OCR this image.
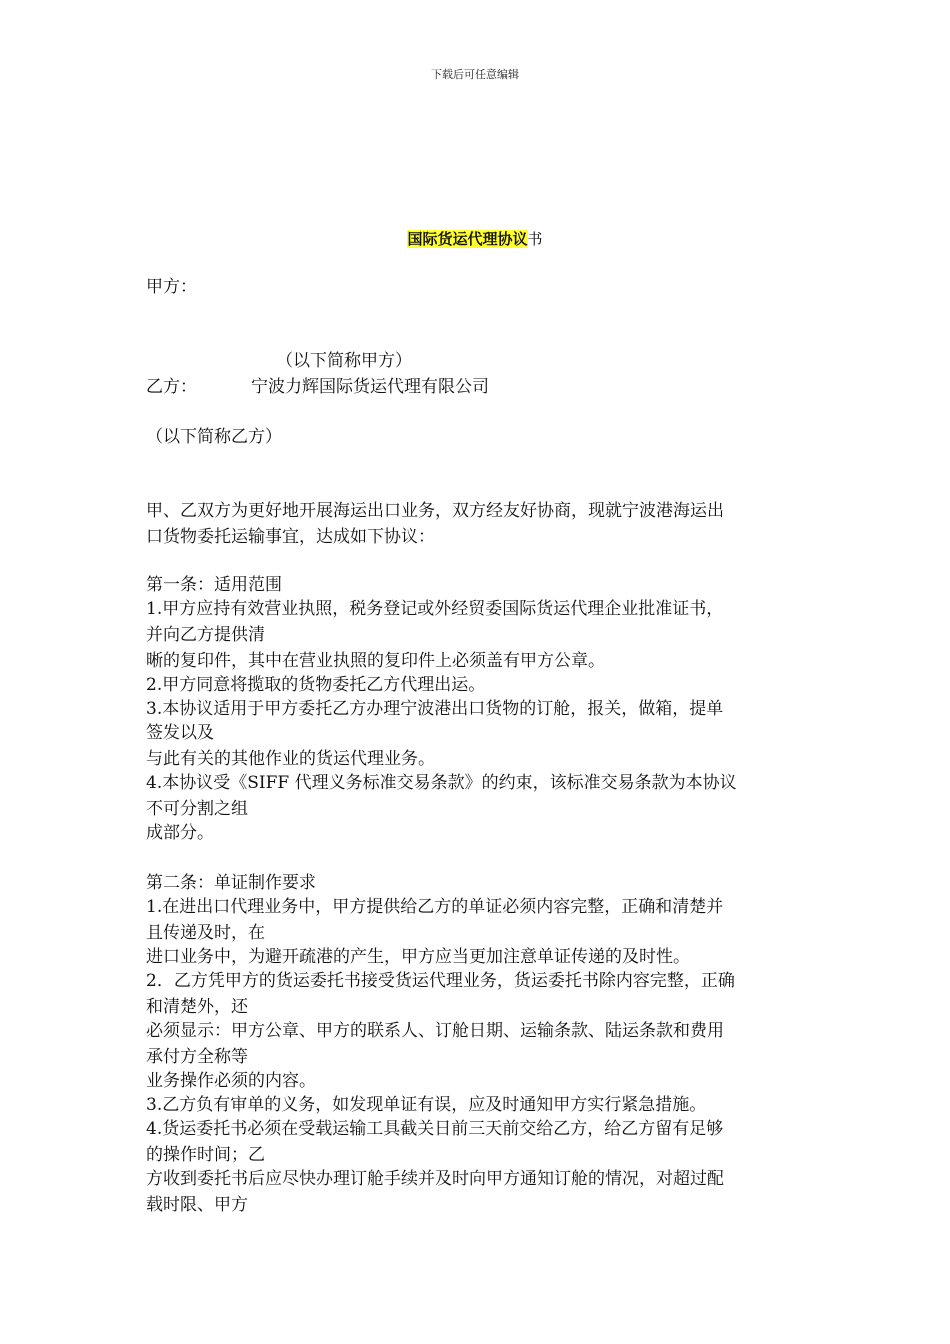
下载后可任意编辑
国际货运代理协议书
甲方：
（以下简称甲方）
乙方：          宁波力辉国际货运代理有限公司
（以下简称乙方）
甲、乙双方为更好地开展海运出口业务，双方经友好协商，现就宁波港海运出
口货物委托运输事宜，达成如下协议：
第一条：适用范围
1.甲方应持有效营业执照，税务登记或外经贸委国际货运代理企业批准证书，
并向乙方提供清
晰的复印件，其中在营业执照的复印件上必须盖有甲方公章。
2.甲方同意将揽取的货物委托乙方代理出运。
3.本协议适用于甲方委托乙方办理宁波港出口货物的订舱，报关，做箱，提单
签发以及
与此有关的其他作业的货运代理业务。
4.本协议受《SIFF 代理义务标准交易条款》的约束，该标准交易条款为本协议
不可分割之组
成部分。
第二条：单证制作要求
1.在进出口代理业务中，甲方提供给乙方的单证必须内容完整，正确和清楚并
且传递及时，在
进口业务中，为避开疏港的产生，甲方应当更加注意单证传递的及时性。
2．乙方凭甲方的货运委托书接受货运代理业务，货运委托书除内容完整，正确
和清楚外，还
必须显示：甲方公章、甲方的联系人、订舱日期、运输条款、陆运条款和费用
承付方全称等
业务操作必须的内容。
3.乙方负有审单的义务，如发现单证有误，应及时通知甲方实行紧急措施。
4.货运委托书必须在受载运输工具截关日前三天前交给乙方，给乙方留有足够
的操作时间；乙
方收到委托书后应尽快办理订舱手续并及时向甲方通知订舱的情况，对超过配
载时限、甲方
